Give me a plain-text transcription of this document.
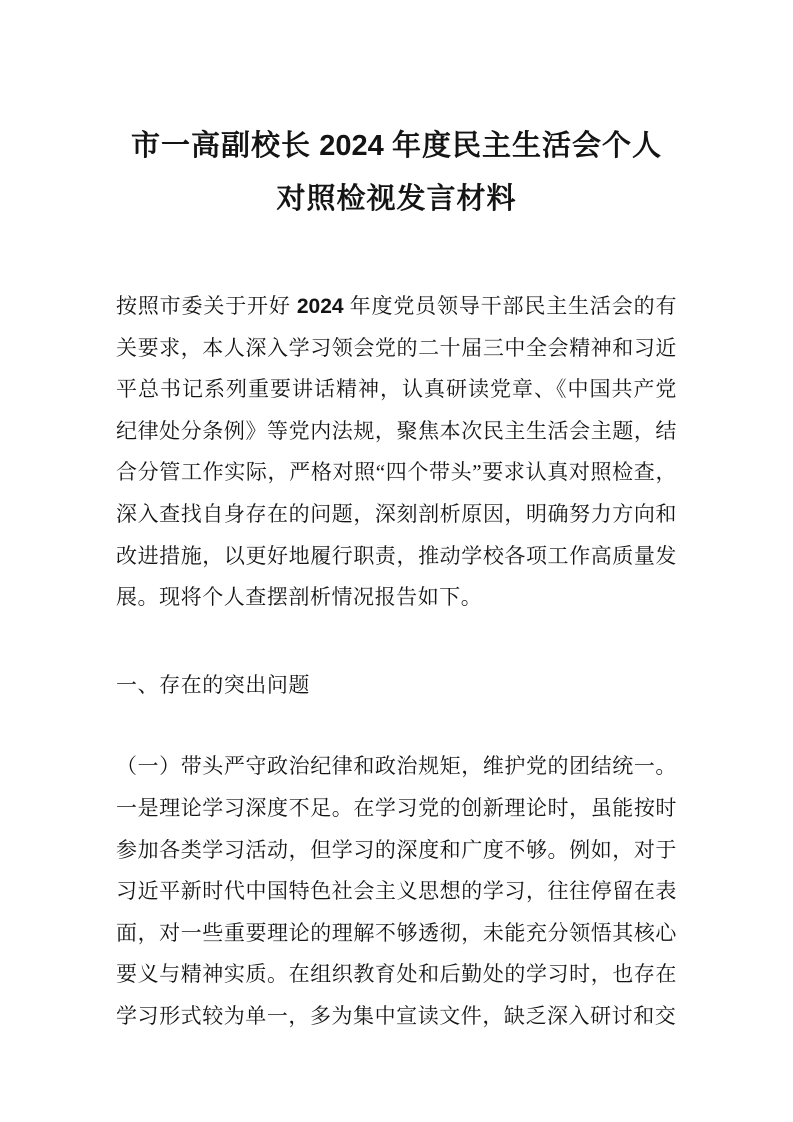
市一高副校长 2024 年度民主生活会个人对照检视发言材料

按照市委关于开好 2024 年度党员领导干部民主生活会的有关要求，本人深入学习领会党的二十届三中全会精神和习近平总书记系列重要讲话精神，认真研读党章、《中国共产党纪律处分条例》等党内法规，聚焦本次民主生活会主题，结合分管工作实际，严格对照“四个带头”要求认真对照检查，深入查找自身存在的问题，深刻剖析原因，明确努力方向和改进措施，以更好地履行职责，推动学校各项工作高质量发展。现将个人查摆剖析情况报告如下。

一、存在的突出问题

（一）带头严守政治纪律和政治规矩，维护党的团结统一。一是理论学习深度不足。在学习党的创新理论时，虽能按时参加各类学习活动，但学习的深度和广度不够。例如，对于习近平新时代中国特色社会主义思想的学习，往往停留在表面，对一些重要理论的理解不够透彻，未能充分领悟其核心要义与精神实质。在组织教育处和后勤处的学习时，也存在学习形式较为单一，多为集中宣读文件，缺乏深入研讨和交
